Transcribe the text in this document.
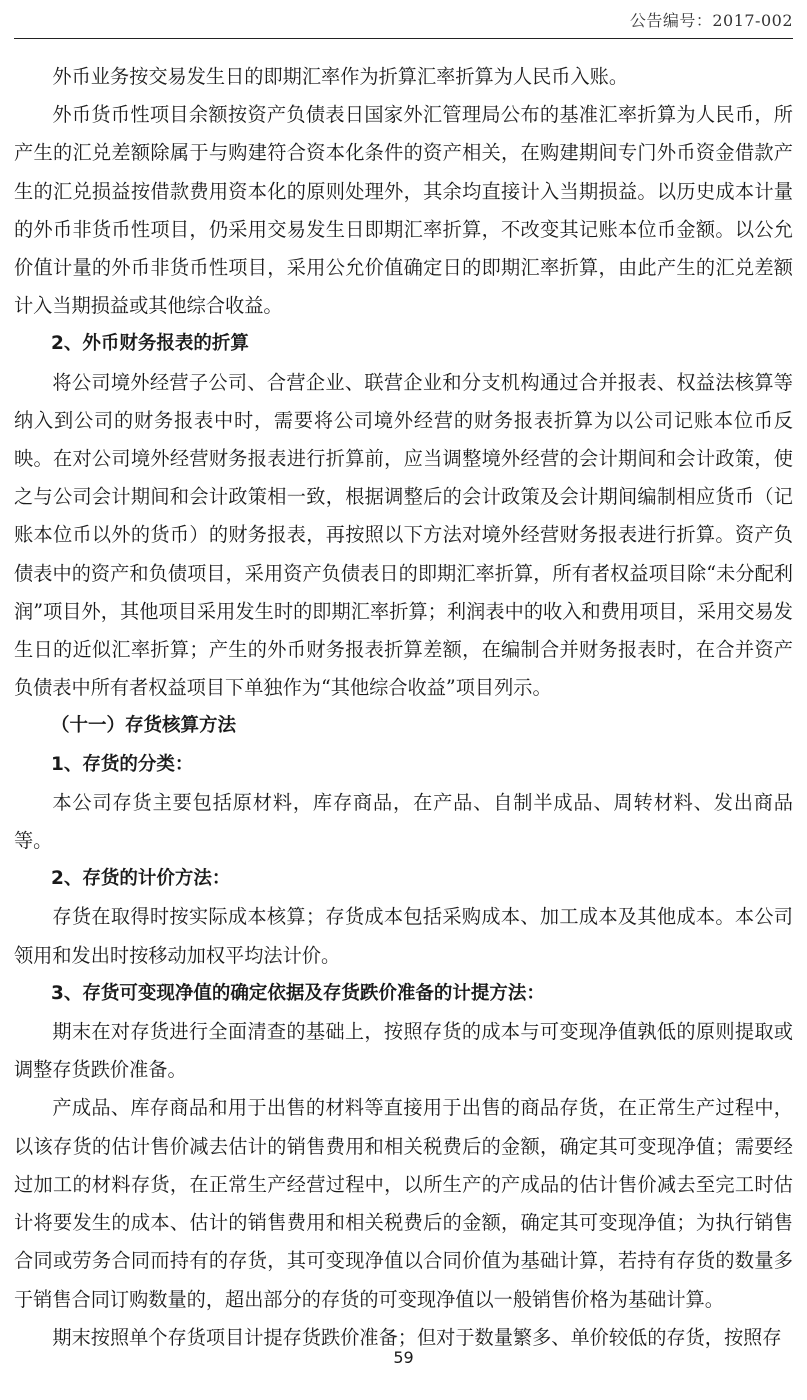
公告编号：2017-002

外币业务按交易发生日的即期汇率作为折算汇率折算为人民币入账。

外币货币性项目余额按资产负债表日国家外汇管理局公布的基准汇率折算为人民币，所产生的汇兑差额除属于与购建符合资本化条件的资产相关，在购建期间专门外币资金借款产生的汇兑损益按借款费用资本化的原则处理外，其余均直接计入当期损益。以历史成本计量的外币非货币性项目，仍采用交易发生日即期汇率折算，不改变其记账本位币金额。以公允价值计量的外币非货币性项目，采用公允价值确定日的即期汇率折算，由此产生的汇兑差额计入当期损益或其他综合收益。

2、外币财务报表的折算

将公司境外经营子公司、合营企业、联营企业和分支机构通过合并报表、权益法核算等纳入到公司的财务报表中时，需要将公司境外经营的财务报表折算为以公司记账本位币反映。在对公司境外经营财务报表进行折算前，应当调整境外经营的会计期间和会计政策，使之与公司会计期间和会计政策相一致，根据调整后的会计政策及会计期间编制相应货币（记账本位币以外的货币）的财务报表，再按照以下方法对境外经营财务报表进行折算。资产负债表中的资产和负债项目，采用资产负债表日的即期汇率折算，所有者权益项目除“未分配利润”项目外，其他项目采用发生时的即期汇率折算；利润表中的收入和费用项目，采用交易发生日的近似汇率折算；产生的外币财务报表折算差额，在编制合并财务报表时，在合并资产负债表中所有者权益项目下单独作为“其他综合收益”项目列示。

（十一）存货核算方法

1、存货的分类：

本公司存货主要包括原材料，库存商品，在产品、自制半成品、周转材料、发出商品等。

2、存货的计价方法：

存货在取得时按实际成本核算；存货成本包括采购成本、加工成本及其他成本。本公司领用和发出时按移动加权平均法计价。

3、存货可变现净值的确定依据及存货跌价准备的计提方法：

期末在对存货进行全面清查的基础上，按照存货的成本与可变现净值孰低的原则提取或调整存货跌价准备。

产成品、库存商品和用于出售的材料等直接用于出售的商品存货，在正常生产过程中，以该存货的估计售价减去估计的销售费用和相关税费后的金额，确定其可变现净值；需要经过加工的材料存货，在正常生产经营过程中，以所生产的产成品的估计售价减去至完工时估计将要发生的成本、估计的销售费用和相关税费后的金额，确定其可变现净值；为执行销售合同或劳务合同而持有的存货，其可变现净值以合同价值为基础计算，若持有存货的数量多于销售合同订购数量的，超出部分的存货的可变现净值以一般销售价格为基础计算。

期末按照单个存货项目计提存货跌价准备；但对于数量繁多、单价较低的存货，按照存

59
